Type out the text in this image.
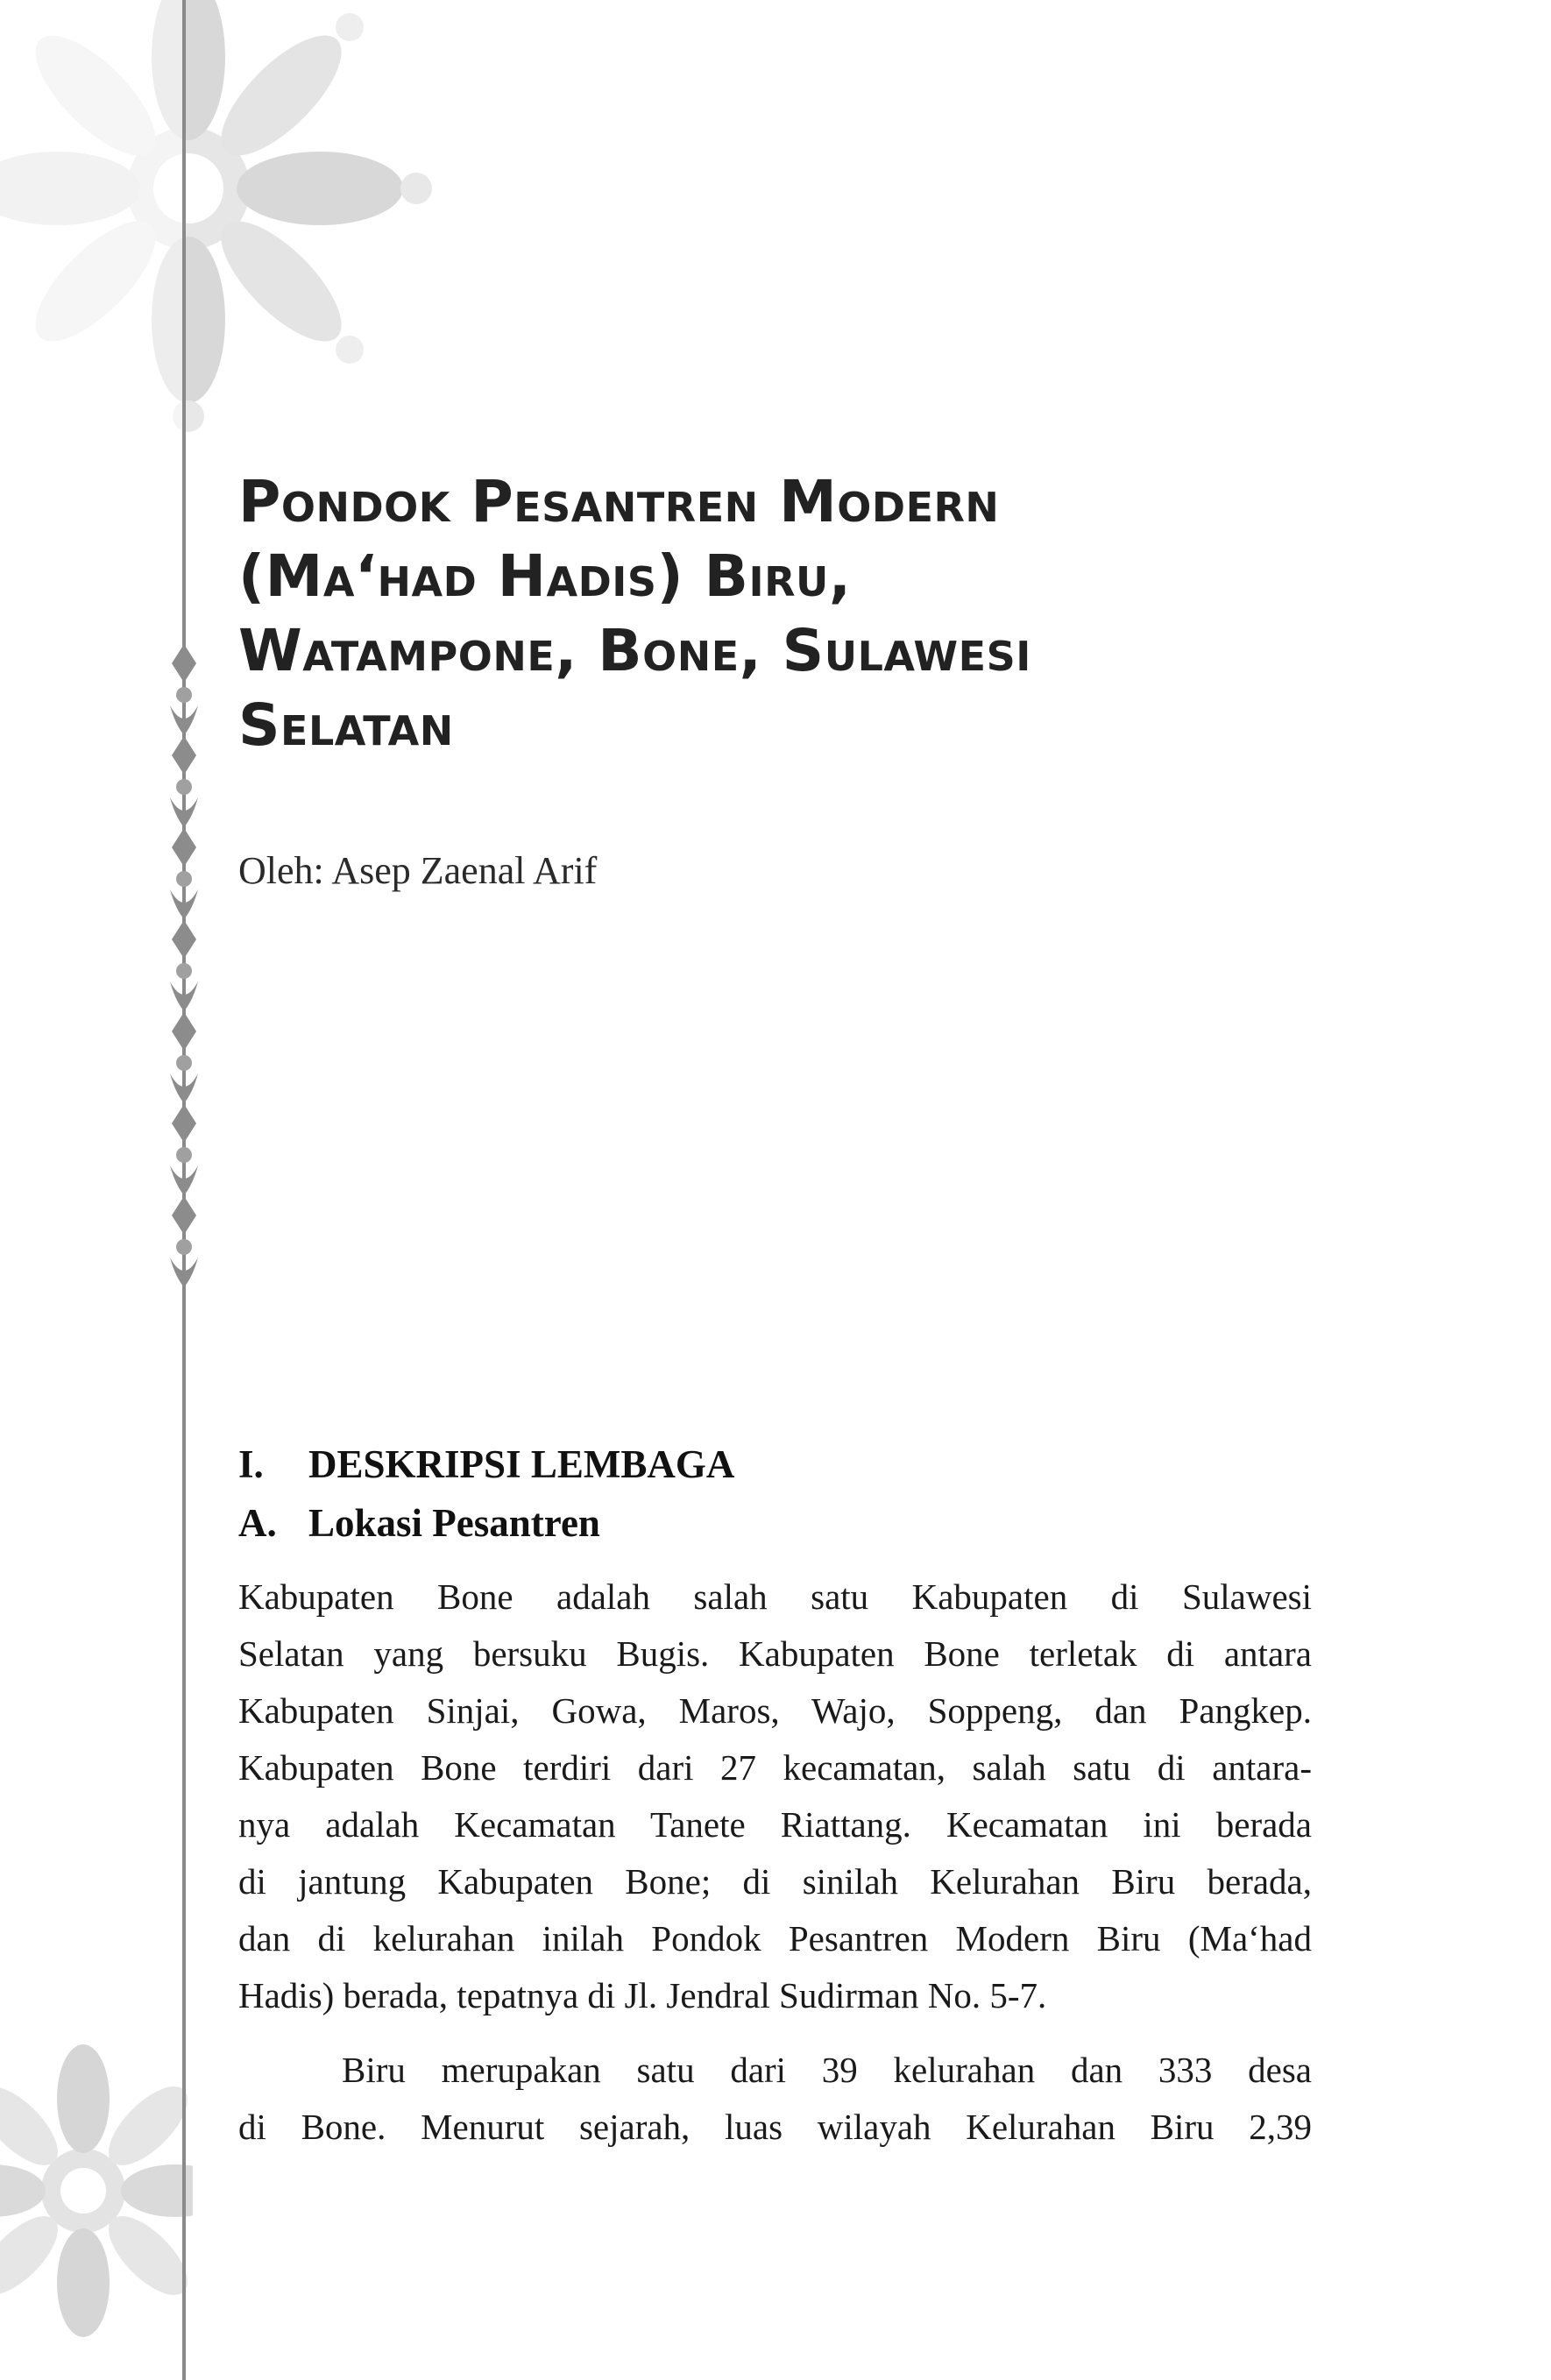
Pondok Pesantren Modern
(Ma‘had Hadis) Biru,
Watampone, Bone, Sulawesi
Selatan
Oleh: Asep Zaenal Arif
I. DESKRIPSI LEMBAGA
A. Lokasi Pesantren
Kabupaten Bone adalah salah satu Kabupaten di Sulawesi
Selatan yang bersuku Bugis. Kabupaten Bone terletak di antara
Kabupaten Sinjai, Gowa, Maros, Wajo, Soppeng, dan Pangkep.
Kabupaten Bone terdiri dari 27 kecamatan, salah satu di antara-
nya adalah Kecamatan Tanete Riattang. Kecamatan ini berada
di jantung Kabupaten Bone; di sinilah Kelurahan Biru berada,
dan di kelurahan inilah Pondok Pesantren Modern Biru (Ma‘had
Hadis) berada, tepatnya di Jl. Jendral Sudirman No. 5-7.
Biru merupakan satu dari 39 kelurahan dan 333 desa
di Bone. Menurut sejarah, luas wilayah Kelurahan Biru 2,39
